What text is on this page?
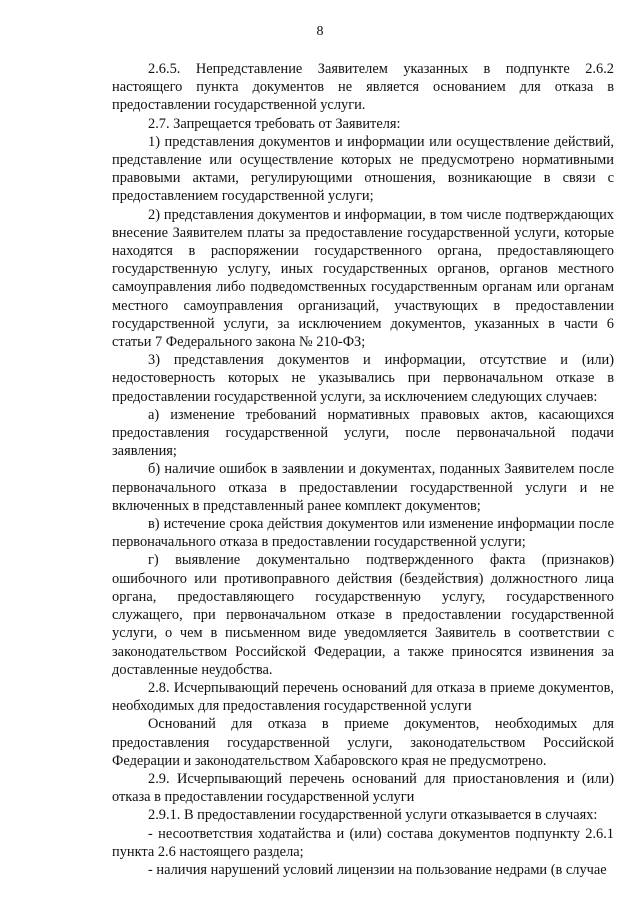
8

2.6.5. Непредставление Заявителем указанных в подпункте 2.6.2 настоящего пункта документов не является основанием для отказа в предоставлении государственной услуги.

2.7. Запрещается требовать от Заявителя:

1) представления документов и информации или осуществление действий, представление или осуществление которых не предусмотрено нормативными правовыми актами, регулирующими отношения, возникающие в связи с предоставлением государственной услуги;

2) представления документов и информации, в том числе подтверждающих внесение Заявителем платы за предоставление государственной услуги, которые находятся в распоряжении государственного органа, предоставляющего государственную услугу, иных государственных органов, органов местного самоуправления либо подведомственных государственным органам или органам местного самоуправления организаций, участвующих в предоставлении государственной услуги, за исключением документов, указанных в части 6 статьи 7 Федерального закона № 210-ФЗ;

3) представления документов и информации, отсутствие и (или) недостоверность которых не указывались при первоначальном отказе в предоставлении государственной услуги, за исключением следующих случаев:

а) изменение требований нормативных правовых актов, касающихся предоставления государственной услуги, после первоначальной подачи заявления;

б) наличие ошибок в заявлении и документах, поданных Заявителем после первоначального отказа в предоставлении государственной услуги и не включенных в представленный ранее комплект документов;

в) истечение срока действия документов или изменение информации после первоначального отказа в предоставлении государственной услуги;

г) выявление документально подтвержденного факта (признаков) ошибочного или противоправного действия (бездействия) должностного лица органа, предоставляющего государственную услугу, государственного служащего, при первоначальном отказе в предоставлении государственной услуги, о чем в письменном виде уведомляется Заявитель в соответствии с законодательством Российской Федерации, а также приносятся извинения за доставленные неудобства.

2.8. Исчерпывающий перечень оснований для отказа в приеме документов, необходимых для предоставления государственной услуги

Оснований для отказа в приеме документов, необходимых для предоставления государственной услуги, законодательством Российской Федерации и законодательством Хабаровского края не предусмотрено.

2.9. Исчерпывающий перечень оснований для приостановления и (или) отказа в предоставлении государственной услуги

2.9.1. В предоставлении государственной услуги отказывается в случаях:

- несоответствия ходатайства и (или) состава документов подпункту 2.6.1 пункта 2.6 настоящего раздела;

- наличия нарушений условий лицензии на пользование недрами (в случае
